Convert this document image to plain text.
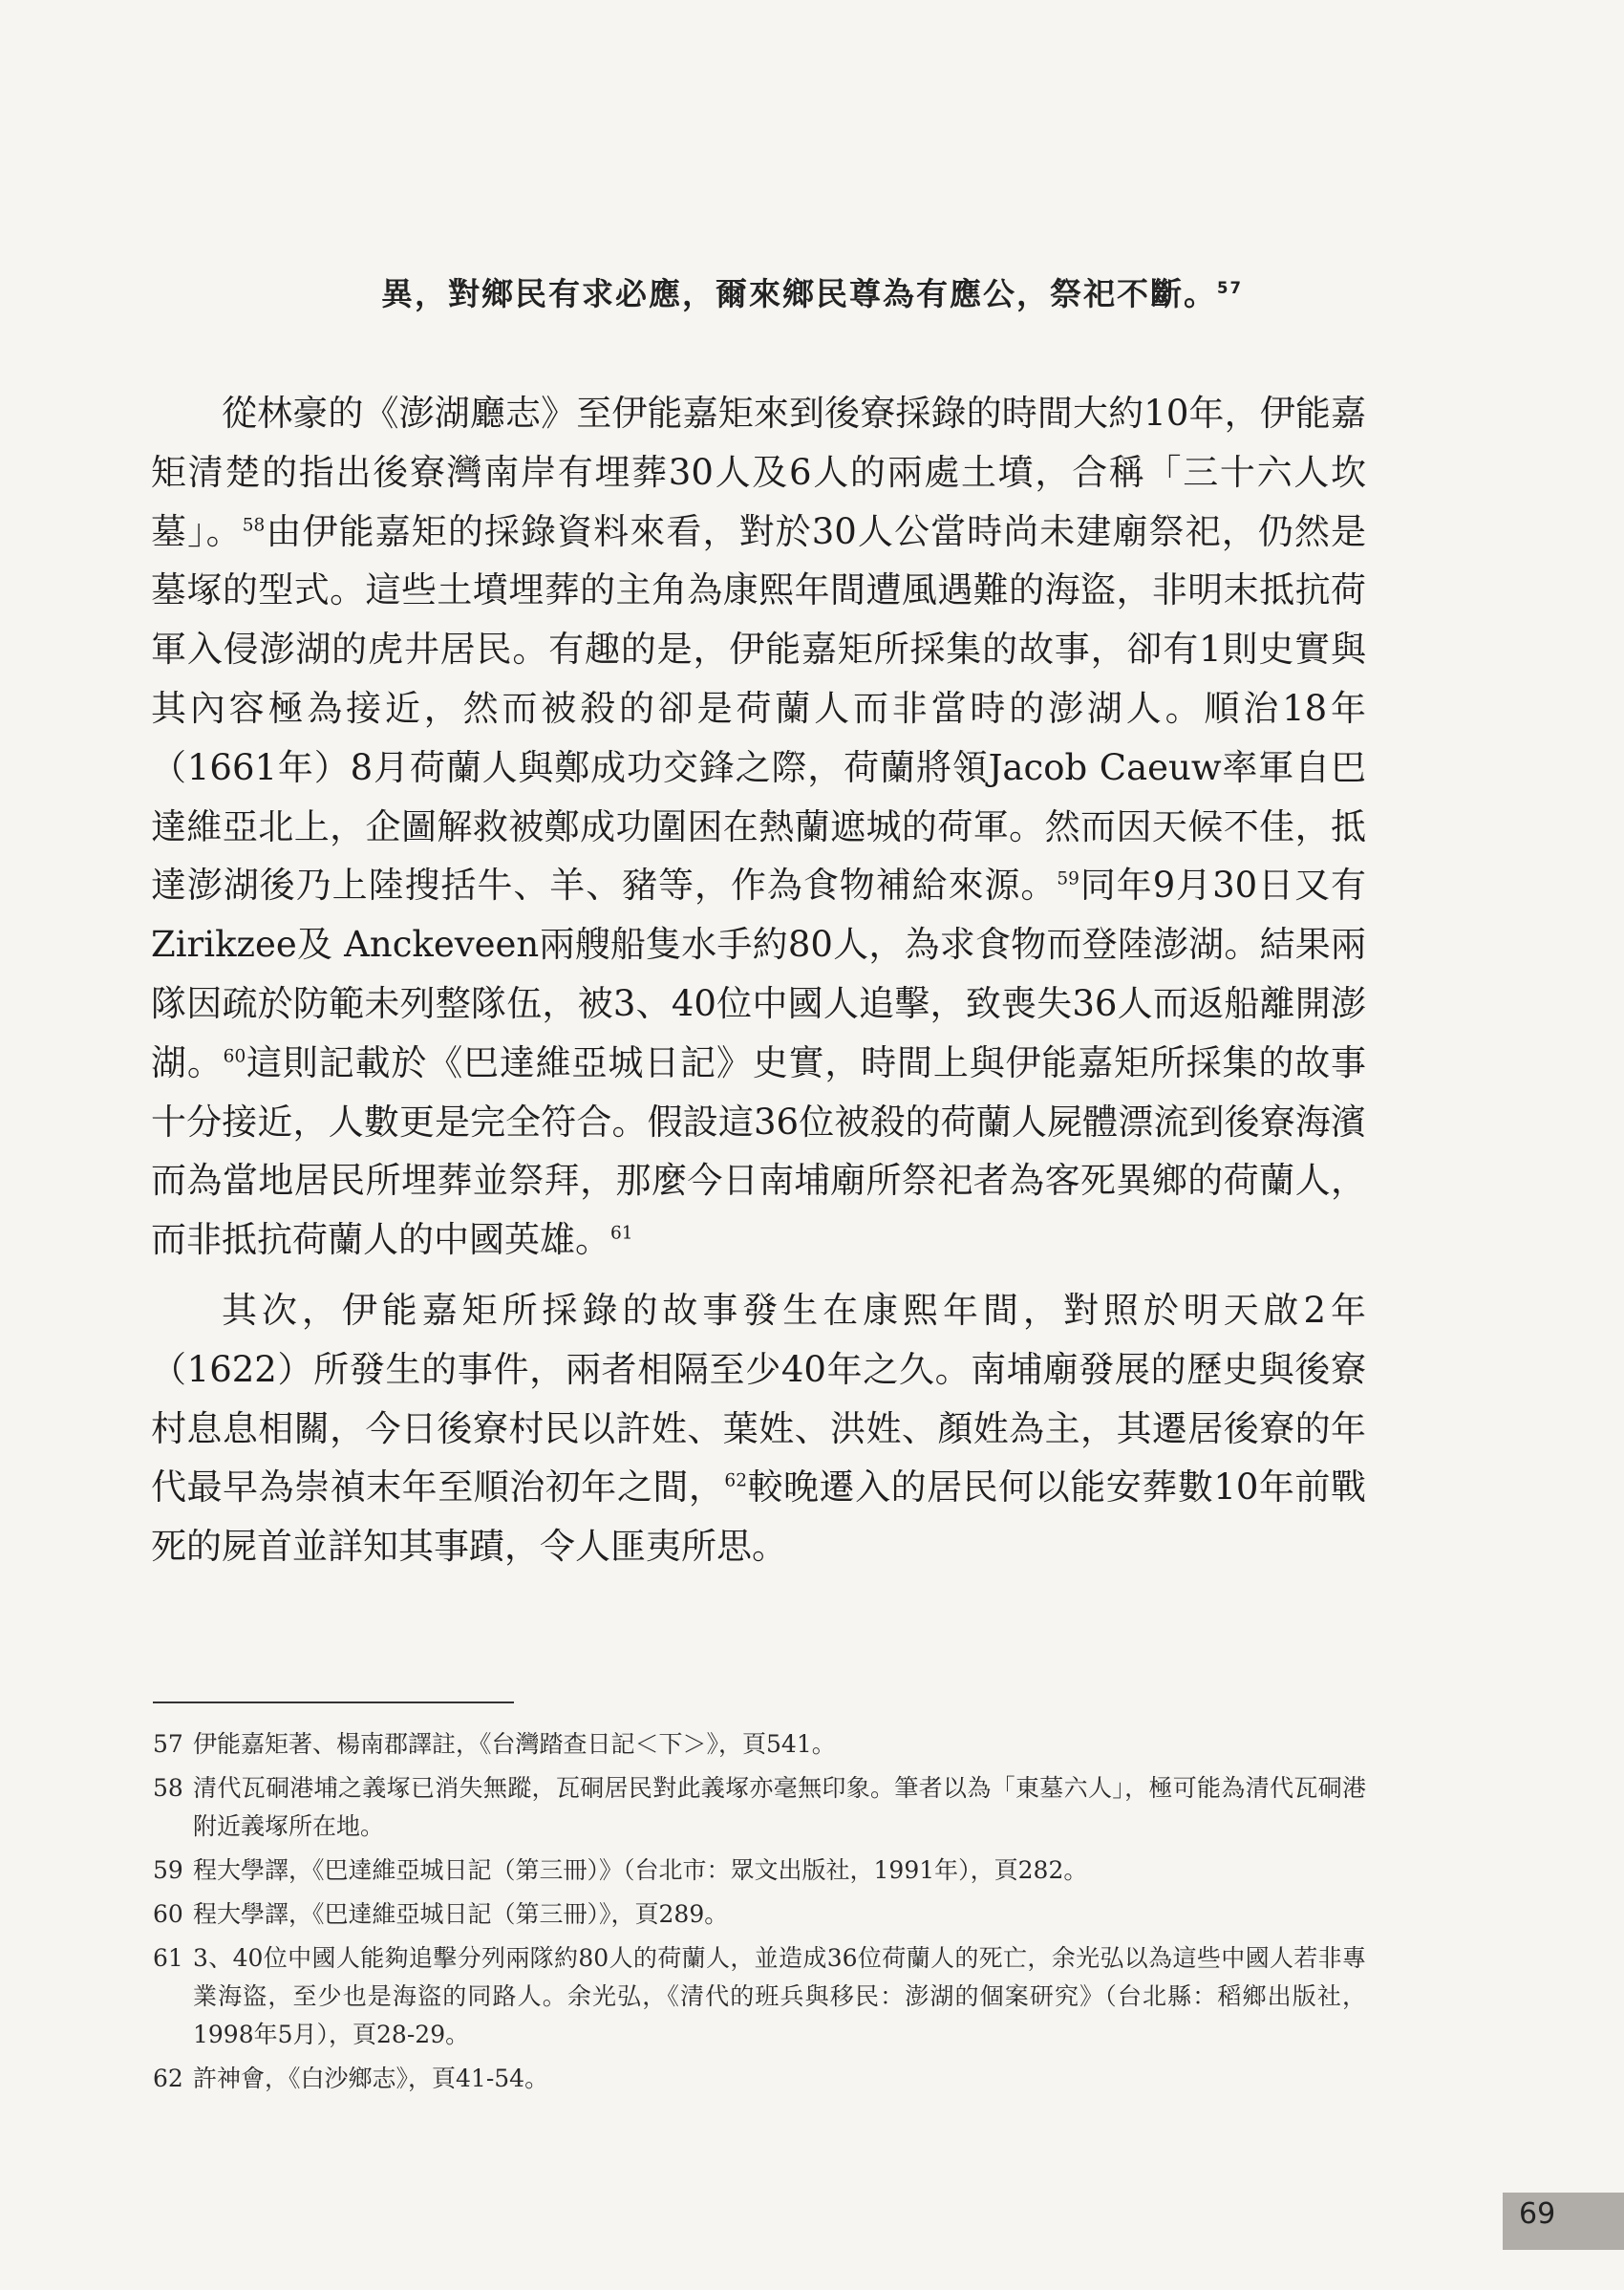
異，對鄉民有求必應，爾來鄉民尊為有應公，祭祀不斷。$^{57}$

從林豪的《澎湖廳志》至伊能嘉矩來到後寮採錄的時間大約10年，伊能嘉矩清楚的指出後寮灣南岸有埋葬30人及6人的兩處土墳，合稱「三十六人坎墓」。$^{58}$由伊能嘉矩的採錄資料來看，對於30人公當時尚未建廟祭祀，仍然是墓塚的型式。這些土墳埋葬的主角為康熙年間遭風遇難的海盜，非明末抵抗荷軍入侵澎湖的虎井居民。有趣的是，伊能嘉矩所採集的故事，卻有1則史實與其內容極為接近，然而被殺的卻是荷蘭人而非當時的澎湖人。順治18年（1661年）8月荷蘭人與鄭成功交鋒之際，荷蘭將領Jacob Caeuw率軍自巴達維亞北上，企圖解救被鄭成功圍困在熱蘭遮城的荷軍。然而因天候不佳，抵達澎湖後乃上陸搜括牛、羊、豬等，作為食物補給來源。$^{59}$同年9月30日又有Zirikzee及 Anckeveen兩艘船隻水手約80人，為求食物而登陸澎湖。結果兩隊因疏於防範未列整隊伍，被3、40位中國人追擊，致喪失36人而返船離開澎湖。$^{60}$這則記載於《巴達維亞城日記》史實，時間上與伊能嘉矩所採集的故事十分接近，人數更是完全符合。假設這36位被殺的荷蘭人屍體漂流到後寮海濱而為當地居民所埋葬並祭拜，那麼今日南埔廟所祭祀者為客死異鄉的荷蘭人，而非抵抗荷蘭人的中國英雄。$^{61}$

其次，伊能嘉矩所採錄的故事發生在康熙年間，對照於明天啟2年（1622）所發生的事件，兩者相隔至少40年之久。南埔廟發展的歷史與後寮村息息相關，今日後寮村民以許姓、葉姓、洪姓、顏姓為主，其遷居後寮的年代最早為崇禎末年至順治初年之間，$^{62}$較晚遷入的居民何以能安葬數10年前戰死的屍首並詳知其事蹟，令人匪夷所思。

57 伊能嘉矩著、楊南郡譯註，《台灣踏查日記＜下＞》，頁541。
58 清代瓦硐港埔之義塚已消失無蹤，瓦硐居民對此義塚亦毫無印象。筆者以為「東墓六人」，極可能為清代瓦硐港附近義塚所在地。
59 程大學譯，《巴達維亞城日記（第三冊）》（台北市：眾文出版社，1991年），頁282。
60 程大學譯，《巴達維亞城日記（第三冊）》，頁289。
61 3、40位中國人能夠追擊分列兩隊約80人的荷蘭人，並造成36位荷蘭人的死亡，余光弘以為這些中國人若非專業海盜，至少也是海盜的同路人。余光弘，《清代的班兵與移民：澎湖的個案研究》（台北縣：稻鄉出版社，1998年5月），頁28-29。
62 許神會，《白沙鄉志》，頁41-54。
69
